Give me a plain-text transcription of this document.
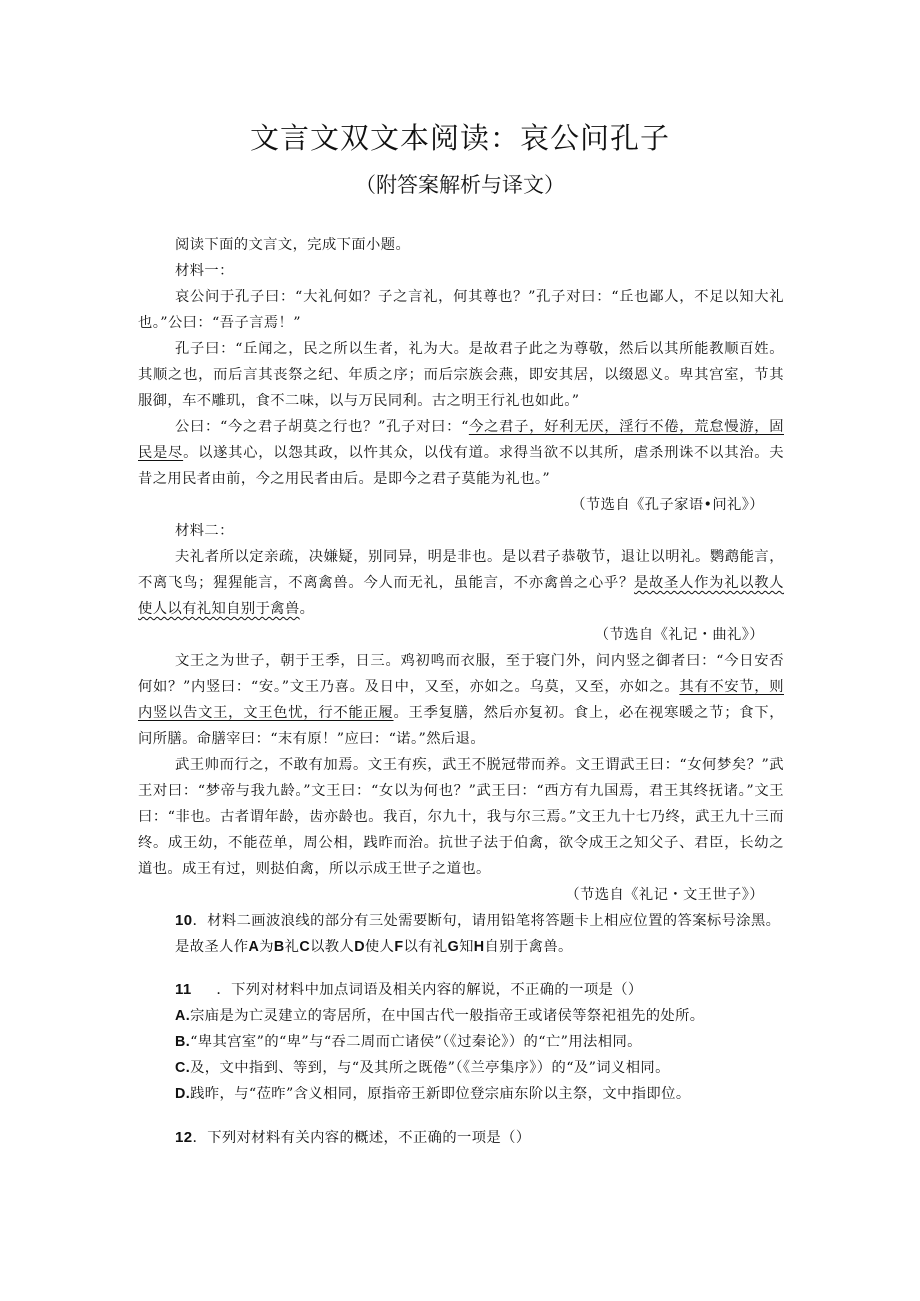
文言文双文本阅读：哀公问孔子
（附答案解析与译文）

阅读下面的文言文，完成下面小题。

材料一：

哀公问于孔子曰：“大礼何如？子之言礼，何其尊也？”孔子对曰：“丘也鄙人，不足以知大礼也。”公曰：“吾子言焉！”

孔子曰：“丘闻之，民之所以生者，礼为大。是故君子此之为尊敬，然后以其所能教顺百姓。其顺之也，而后言其丧祭之纪、年质之序；而后宗族会燕，即安其居，以缀恩义。卑其宫室，节其服御，车不雕玑，食不二味，以与万民同利。古之明王行礼也如此。”

公曰：“今之君子胡莫之行也？”孔子对曰：“今之君子，好利无厌，淫行不倦，荒怠慢游，固民是尽。以遂其心，以怨其政，以忤其众，以伐有道。求得当欲不以其所，虐杀刑诛不以其治。夫昔之用民者由前，今之用民者由后。是即今之君子莫能为礼也。”

（节选自《孔子家语•问礼》）

材料二：

夫礼者所以定亲疏，决嫌疑，别同异，明是非也。是以君子恭敬节，退让以明礼。鹦鹉能言，不离飞鸟；猩猩能言，不离禽兽。今人而无礼，虽能言，不亦禽兽之心乎？是故圣人作为礼以教人使人以有礼知自别于禽兽。

（节选自《礼记・曲礼》）

文王之为世子，朝于王季，日三。鸡初鸣而衣服，至于寝门外，问内竖之御者曰：“今日安否何如？”内竖曰：“安。”文王乃喜。及日中，又至，亦如之。乌莫，又至，亦如之。其有不安节，则内竖以告文王，文王色忧，行不能正履。王季复膳，然后亦复初。食上，必在视寒暖之节；食下，问所膳。命膳宰曰：“末有原！”应曰：“诺。”然后退。

武王帅而行之，不敢有加焉。文王有疾，武王不脱冠带而养。文王谓武王曰：“女何梦矣？”武王对曰：“梦帝与我九龄。”文王曰：“女以为何也？”武王曰：“西方有九国焉，君王其终抚诸。”文王曰：“非也。古者谓年龄，齿亦龄也。我百，尔九十，我与尔三焉。”文王九十七乃终，武王九十三而终。成王幼，不能莅单，周公相，践昨而治。抗世子法于伯禽，欲令成王之知父子、君臣，长幼之道也。成王有过，则挞伯禽，所以示成王世子之道也。

（节选自《礼记・文王世子》）

10．材料二画波浪线的部分有三处需要断句，请用铅笔将答题卡上相应位置的答案标号涂黑。

是故圣人作A为B礼C以教人D使人F以有礼G知H自别于禽兽。

11 ．下列对材料中加点词语及相关内容的解说，不正确的一项是（）

A.宗庙是为亡灵建立的寄居所，在中国古代一般指帝王或诸侯等祭祀祖先的处所。

B.“卑其宫室”的“卑”与“吞二周而亡诸侯”（《过秦论》）的“亡”用法相同。

C.及，文中指到、等到，与“及其所之既倦”（《兰亭集序》）的“及”词义相同。

D.践昨，与“莅昨”含义相同，原指帝王新即位登宗庙东阶以主祭，文中指即位。

12．下列对材料有关内容的概述，不正确的一项是（）
